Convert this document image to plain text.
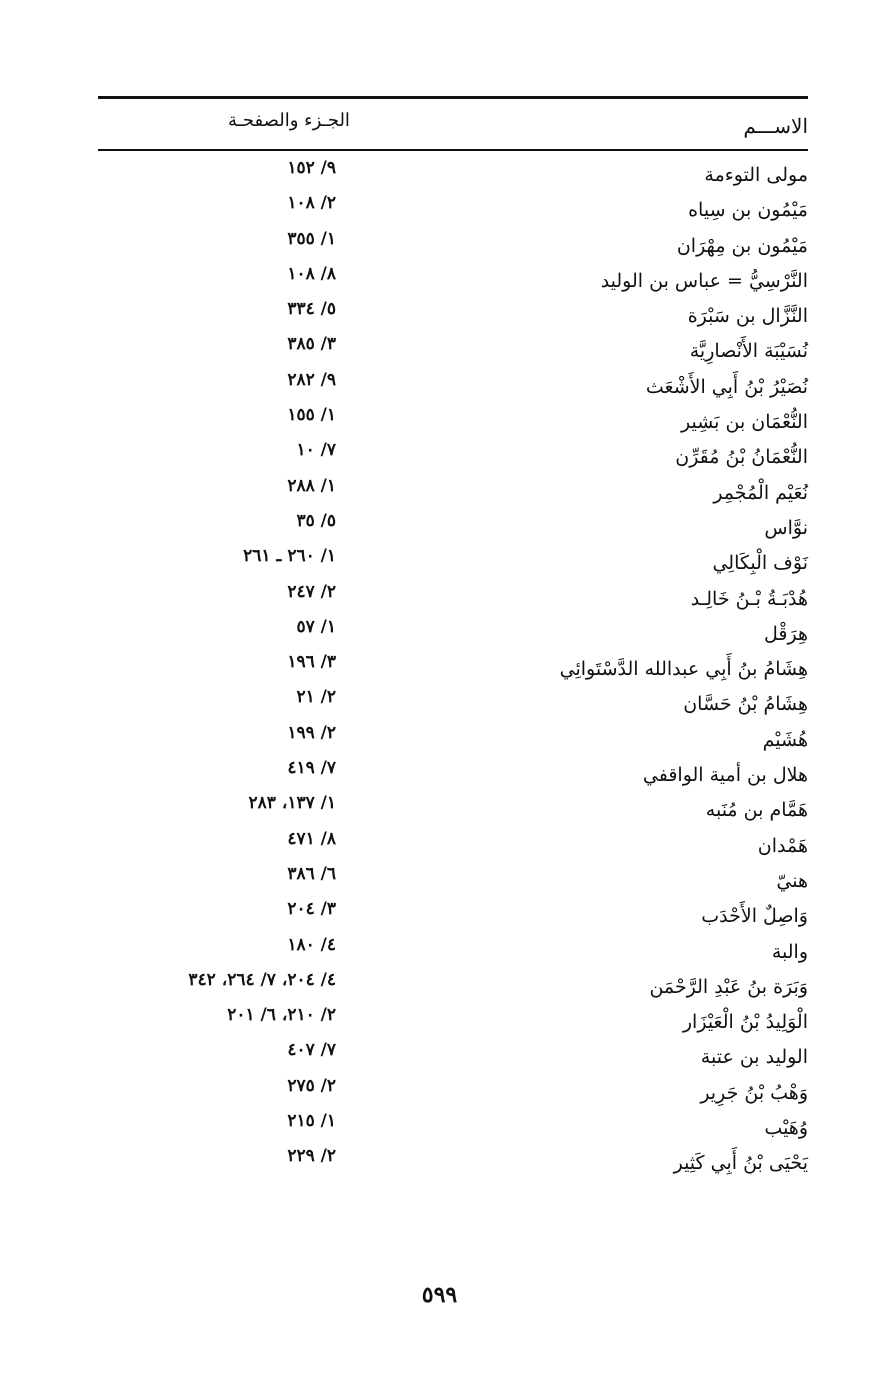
الاســـم
الجـزء والصفحـة
مولى التوءمة
٩/ ١٥٢
مَيْمُون بن سِياه
٢/ ١٠٨
مَيْمُون بن مِهْرَان
١/ ٣٥٥
النَّرْسِيُّ = عباس بن الوليد
٨/ ١٠٨
النَّزَّال بن سَبْرَة
٥/ ٣٣٤
نُسَيْبَة الأَنْصارِيَّة
٣/ ٣٨٥
نُصَيْرُ بْنُ أَبِي الأَشْعَث
٩/ ٢٨٢
النُّعْمَان بن بَشِير
١/ ١٥٥
النُّعْمَانُ بْنُ مُقَرِّن
٧/ ١٠
نُعَيْم الْمُجْمِر
١/ ٢٨٨
نوَّاس
٥/ ٣٥
نَوْف الْبِكَالِي
١/ ٢٦٠ ـ ٢٦١
هُدْبَـةُ بْـنُ خَالِـد
٢/ ٢٤٧
هِرَقْل
١/ ٥٧
هِشَامُ بنُ أَبِي عبدالله الدَّسْتَوائِي
٣/ ١٩٦
هِشَامُ بْنُ حَسَّان
٢/ ٢١
هُشَيْم
٢/ ١٩٩
هلال بن أمية الواقفي
٧/ ٤١٩
هَمَّام بن مُنَبه
١/ ١٣٧، ٢٨٣
هَمْدان
٨/ ٤٧١
هنيّ
٦/ ٣٨٦
وَاصِلٌ الأَحْدَب
٣/ ٢٠٤
والبة
٤/ ١٨٠
وَبَرَة بنُ عَبْدِ الرَّحْمَن
٤/ ٢٠٤، ٧/ ٢٦٤، ٣٤٢
الْوَلِيدُ بْنُ الْعَيْزَار
٢/ ٢١٠، ٦/ ٢٠١
الوليد بن عتبة
٧/ ٤٠٧
وَهْبُ بْنُ جَرِير
٢/ ٢٧٥
وُهَيْب
١/ ٢١٥
يَحْيَى بْنُ أَبِي كَثِير
٢/ ٢٢٩
٥٩٩
